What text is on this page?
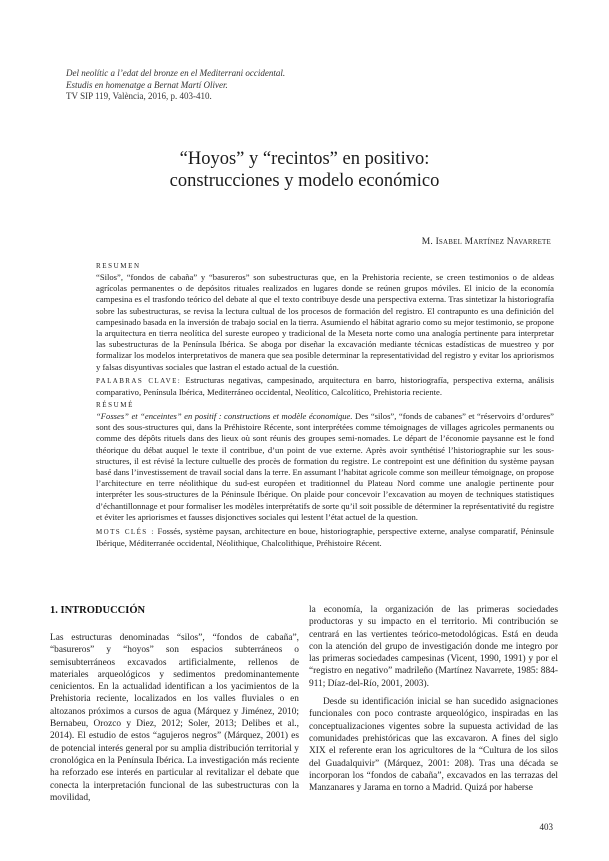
Del neolític a l’edat del bronze en el Mediterrani occidental.
Estudis en homenatge a Bernat Martí Oliver.
TV SIP 119, València, 2016, p. 403-410.
“Hoyos” y “recintos” en positivo:
construcciones y modelo económico
M. Isabel Martínez Navarrete
RESUMEN

“Silos”, “fondos de cabaña” y “basureros” son subestructuras que, en la Prehistoria reciente, se creen testimonios o de aldeas agrícolas permanentes o de depósitos rituales realizados en lugares donde se reúnen grupos móviles. El inicio de la economía campesina es el trasfondo teórico del debate al que el texto contribuye desde una perspectiva externa. Tras sintetizar la historiografía sobre las subestructuras, se revisa la lectura cultual de los procesos de formación del registro. El contrapunto es una definición del campesinado basada en la inversión de trabajo social en la tierra. Asumiendo el hábitat agrario como su mejor testimonio, se propone la arquitectura en tierra neolítica del sureste europeo y tradicional de la Meseta norte como una analogía pertinente para interpretar las subestructuras de la Península Ibérica. Se aboga por diseñar la excavación mediante técnicas estadísticas de muestreo y por formalizar los modelos interpretativos de manera que sea posible determinar la representatividad del registro y evitar los apriorismos y falsas disyuntivas sociales que lastran el estado actual de la cuestión.

PALABRAS CLAVE: Estructuras negativas, campesinado, arquitectura en barro, historiografía, perspectiva externa, análisis comparativo, Península Ibérica, Mediterráneo occidental, Neolítico, Calcolítico, Prehistoria reciente.

RÉSUMÉ

“Fosses” et “enceintes” en positif : constructions et modèle économique. Des “silos”, “fonds de cabanes” et “réservoirs d’ordures” sont des sous-structures qui, dans la Préhistoire Récente, sont interprétées comme témoignages de villages agricoles permanents ou comme des dépôts rituels dans des lieux où sont réunis des groupes semi-nomades. Le départ de l’économie paysanne est le fond théorique du débat auquel le texte il contribue, d’un point de vue externe. Après avoir synthétisé l’historiographie sur les sous-structures, il est révisé la lecture cultuelle des procès de formation du registre. Le contrepoint est une définition du système paysan basé dans l’investissement de travail social dans la terre. En assumant l’habitat agricole comme son meilleur témoignage, on propose l’architecture en terre néolithique du sud-est européen et traditionnel du Plateau Nord comme une analogie pertinente pour interpréter les sous-structures de la Péninsule Ibérique. On plaide pour concevoir l’excavation au moyen de techniques statistiques d’échantillonnage et pour formaliser les modèles interprétatifs de sorte qu’il soit possible de déterminer la représentativité du registre et éviter les apriorismes et fausses disjonctives sociales qui lestent l’état actuel de la question.

MOTS CLÉS : Fossés, système paysan, architecture en boue, historiographie, perspective externe, analyse comparatif, Péninsule Ibérique, Méditerranée occidental, Néolithique, Chalcolithique, Préhistoire Récent.

1. INTRODUCCIÓN

Las estructuras denominadas “silos”, “fondos de cabaña”, “basureros” y “hoyos” son espacios subterráneos o semisubterráneos excavados artificialmente, rellenos de materiales arqueológicos y sedimentos predominantemente cenicientos. En la actualidad identifican a los yacimientos de la Prehistoria reciente, localizados en los valles fluviales o en altozanos próximos a cursos de agua (Márquez y Jiménez, 2010; Bernabeu, Orozco y Diez, 2012; Soler, 2013; Delibes et al., 2014). El estudio de estos “agujeros negros” (Márquez, 2001) es de potencial interés general por su amplia distribución territorial y cronológica en la Península Ibérica. La investigación más reciente ha reforzado ese interés en particular al revitalizar el debate que conecta la interpretación funcional de las subestructuras con la movilidad,

la economía, la organización de las primeras sociedades productoras y su impacto en el territorio. Mi contribución se centrará en las vertientes teórico-metodológicas. Está en deuda con la atención del grupo de investigación donde me integro por las primeras sociedades campesinas (Vicent, 1990, 1991) y por el “registro en negativo” madrileño (Martínez Navarrete, 1985: 884-911; Díaz-del-Río, 2001, 2003).

Desde su identificación inicial se han sucedido asignaciones funcionales con poco contraste arqueológico, inspiradas en las conceptualizaciones vigentes sobre la supuesta actividad de las comunidades prehistóricas que las excavaron. A fines del siglo XIX el referente eran los agricultores de la “Cultura de los silos del Guadalquivir” (Márquez, 2001: 208). Tras una década se incorporan los “fondos de cabaña”, excavados en las terrazas del Manzanares y Jarama en torno a Madrid. Quizá por haberse

403
